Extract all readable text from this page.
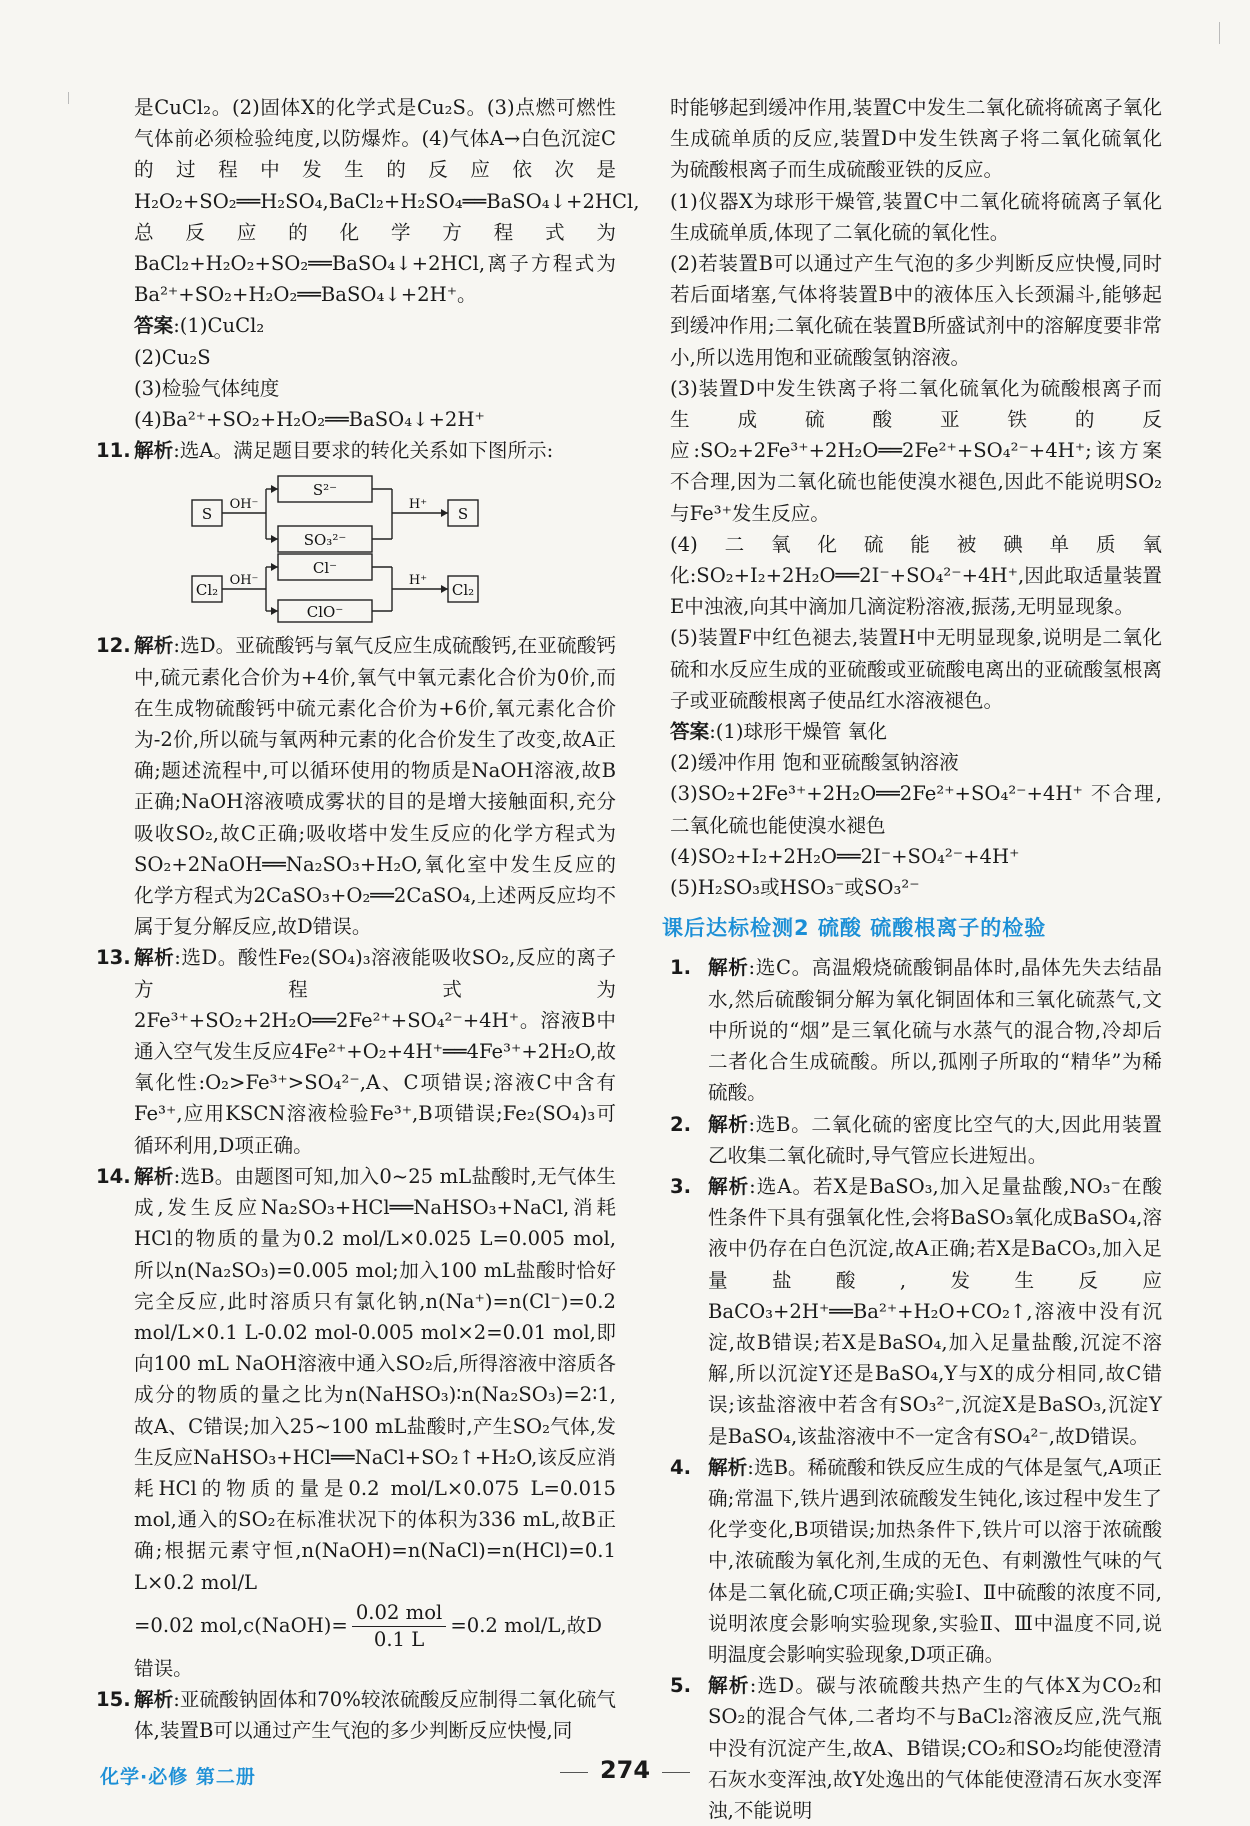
是CuCl₂。(2)固体X的化学式是Cu₂S。(3)点燃可燃性气体前必须检验纯度,以防爆炸。(4)气体A→白色沉淀C的过程中发生的反应依次是H₂O₂+SO₂══H₂SO₄,BaCl₂+H₂SO₄══BaSO₄↓+2HCl,总反应的化学方程式为BaCl₂+H₂O₂+SO₂══BaSO₄↓+2HCl,离子方程式为Ba²⁺+SO₂+H₂O₂══BaSO₄↓+2H⁺。

答案:(1)CuCl₂

(2)Cu₂S

(3)检验气体纯度

(4)Ba²⁺+SO₂+H₂O₂══BaSO₄↓+2H⁺

11. 解析:选A。满足题目要求的转化关系如下图所示:
S
OH⁻
S²⁻
SO₃²⁻
H⁺
S
Cl₂
OH⁻
Cl⁻
ClO⁻
H⁺
Cl₂
12. 解析:选D。亚硫酸钙与氧气反应生成硫酸钙,在亚硫酸钙中,硫元素化合价为+4价,氧气中氧元素化合价为0价,而在生成物硫酸钙中硫元素化合价为+6价,氧元素化合价为-2价,所以硫与氧两种元素的化合价发生了改变,故A正确;题述流程中,可以循环使用的物质是NaOH溶液,故B正确;NaOH溶液喷成雾状的目的是增大接触面积,充分吸收SO₂,故C正确;吸收塔中发生反应的化学方程式为SO₂+2NaOH══Na₂SO₃+H₂O,氧化室中发生反应的化学方程式为2CaSO₃+O₂══2CaSO₄,上述两反应均不属于复分解反应,故D错误。
13. 解析:选D。酸性Fe₂(SO₄)₃溶液能吸收SO₂,反应的离子方程式为2Fe³⁺+SO₂+2H₂O══2Fe²⁺+SO₄²⁻+4H⁺。溶液B中通入空气发生反应4Fe²⁺+O₂+4H⁺══4Fe³⁺+2H₂O,故氧化性:O₂>Fe³⁺>SO₄²⁻,A、C项错误;溶液C中含有Fe³⁺,应用KSCN溶液检验Fe³⁺,B项错误;Fe₂(SO₄)₃可循环利用,D项正确。
14. 解析:选B。由题图可知,加入0~25 mL盐酸时,无气体生成,发生反应Na₂SO₃+HCl══NaHSO₃+NaCl,消耗HCl的物质的量为0.2 mol/L×0.025 L=0.005 mol,所以n(Na₂SO₃)=0.005 mol;加入100 mL盐酸时恰好完全反应,此时溶质只有氯化钠,n(Na⁺)=n(Cl⁻)=0.2 mol/L×0.1 L-0.02 mol-0.005 mol×2=0.01 mol,即向100 mL NaOH溶液中通入SO₂后,所得溶液中溶质各成分的物质的量之比为n(NaHSO₃)∶n(Na₂SO₃)=2∶1,故A、C错误;加入25~100 mL盐酸时,产生SO₂气体,发生反应NaHSO₃+HCl══NaCl+SO₂↑+H₂O,该反应消耗HCl的物质的量是0.2 mol/L×0.075 L=0.015 mol,通入的SO₂在标准状况下的体积为336 mL,故B正确;根据元素守恒,n(NaOH)=n(NaCl)=n(HCl)=0.1 L×0.2 mol/L
=0.02 mol,c(NaOH)=
0.02 mol
0.1 L
=0.2 mol/L,故D

错误。

15. 解析:亚硫酸钠固体和70%较浓硫酸反应制得二氧化硫气体,装置B可以通过产生气泡的多少判断反应快慢,同

时能够起到缓冲作用,装置C中发生二氧化硫将硫离子氧化生成硫单质的反应,装置D中发生铁离子将二氧化硫氧化为硫酸根离子而生成硫酸亚铁的反应。

(1)仪器X为球形干燥管,装置C中二氧化硫将硫离子氧化生成硫单质,体现了二氧化硫的氧化性。

(2)若装置B可以通过产生气泡的多少判断反应快慢,同时若后面堵塞,气体将装置B中的液体压入长颈漏斗,能够起到缓冲作用;二氧化硫在装置B所盛试剂中的溶解度要非常小,所以选用饱和亚硫酸氢钠溶液。

(3)装置D中发生铁离子将二氧化硫氧化为硫酸根离子而生成硫酸亚铁的反应:SO₂+2Fe³⁺+2H₂O══2Fe²⁺+SO₄²⁻+4H⁺;该方案不合理,因为二氧化硫也能使溴水褪色,因此不能说明SO₂与Fe³⁺发生反应。

(4)二氧化硫能被碘单质氧化:SO₂+I₂+2H₂O══2I⁻+SO₄²⁻+4H⁺,因此取适量装置E中浊液,向其中滴加几滴淀粉溶液,振荡,无明显现象。

(5)装置F中红色褪去,装置H中无明显现象,说明是二氧化硫和水反应生成的亚硫酸或亚硫酸电离出的亚硫酸氢根离子或亚硫酸根离子使品红水溶液褪色。

答案:(1)球形干燥管 氧化

(2)缓冲作用 饱和亚硫酸氢钠溶液

(3)SO₂+2Fe³⁺+2H₂O══2Fe²⁺+SO₄²⁻+4H⁺ 不合理,二氧化硫也能使溴水褪色

(4)SO₂+I₂+2H₂O══2I⁻+SO₄²⁻+4H⁺

(5)H₂SO₃或HSO₃⁻或SO₃²⁻

课后达标检测2 硫酸 硫酸根离子的检验
1. 解析:选C。高温煅烧硫酸铜晶体时,晶体先失去结晶水,然后硫酸铜分解为氧化铜固体和三氧化硫蒸气,文中所说的“烟”是三氧化硫与水蒸气的混合物,冷却后二者化合生成硫酸。所以,孤刚子所取的“精华”为稀硫酸。
2. 解析:选B。二氧化硫的密度比空气的大,因此用装置乙收集二氧化硫时,导气管应长进短出。
3. 解析:选A。若X是BaSO₃,加入足量盐酸,NO₃⁻在酸性条件下具有强氧化性,会将BaSO₃氧化成BaSO₄,溶液中仍存在白色沉淀,故A正确;若X是BaCO₃,加入足量盐酸,发生反应BaCO₃+2H⁺══Ba²⁺+H₂O+CO₂↑,溶液中没有沉淀,故B错误;若X是BaSO₄,加入足量盐酸,沉淀不溶解,所以沉淀Y还是BaSO₄,Y与X的成分相同,故C错误;该盐溶液中若含有SO₃²⁻,沉淀X是BaSO₃,沉淀Y是BaSO₄,该盐溶液中不一定含有SO₄²⁻,故D错误。
4. 解析:选B。稀硫酸和铁反应生成的气体是氢气,A项正确;常温下,铁片遇到浓硫酸发生钝化,该过程中发生了化学变化,B项错误;加热条件下,铁片可以溶于浓硫酸中,浓硫酸为氧化剂,生成的无色、有刺激性气味的气体是二氧化硫,C项正确;实验Ⅰ、Ⅱ中硫酸的浓度不同,说明浓度会影响实验现象,实验Ⅱ、Ⅲ中温度不同,说明温度会影响实验现象,D项正确。
5. 解析:选D。碳与浓硫酸共热产生的气体X为CO₂和SO₂的混合气体,二者均不与BaCl₂溶液反应,洗气瓶中没有沉淀产生,故A、B错误;CO₂和SO₂均能使澄清石灰水变浑浊,故Y处逸出的气体能使澄清石灰水变浑浊,不能说明
化学·必修 第二册	274
